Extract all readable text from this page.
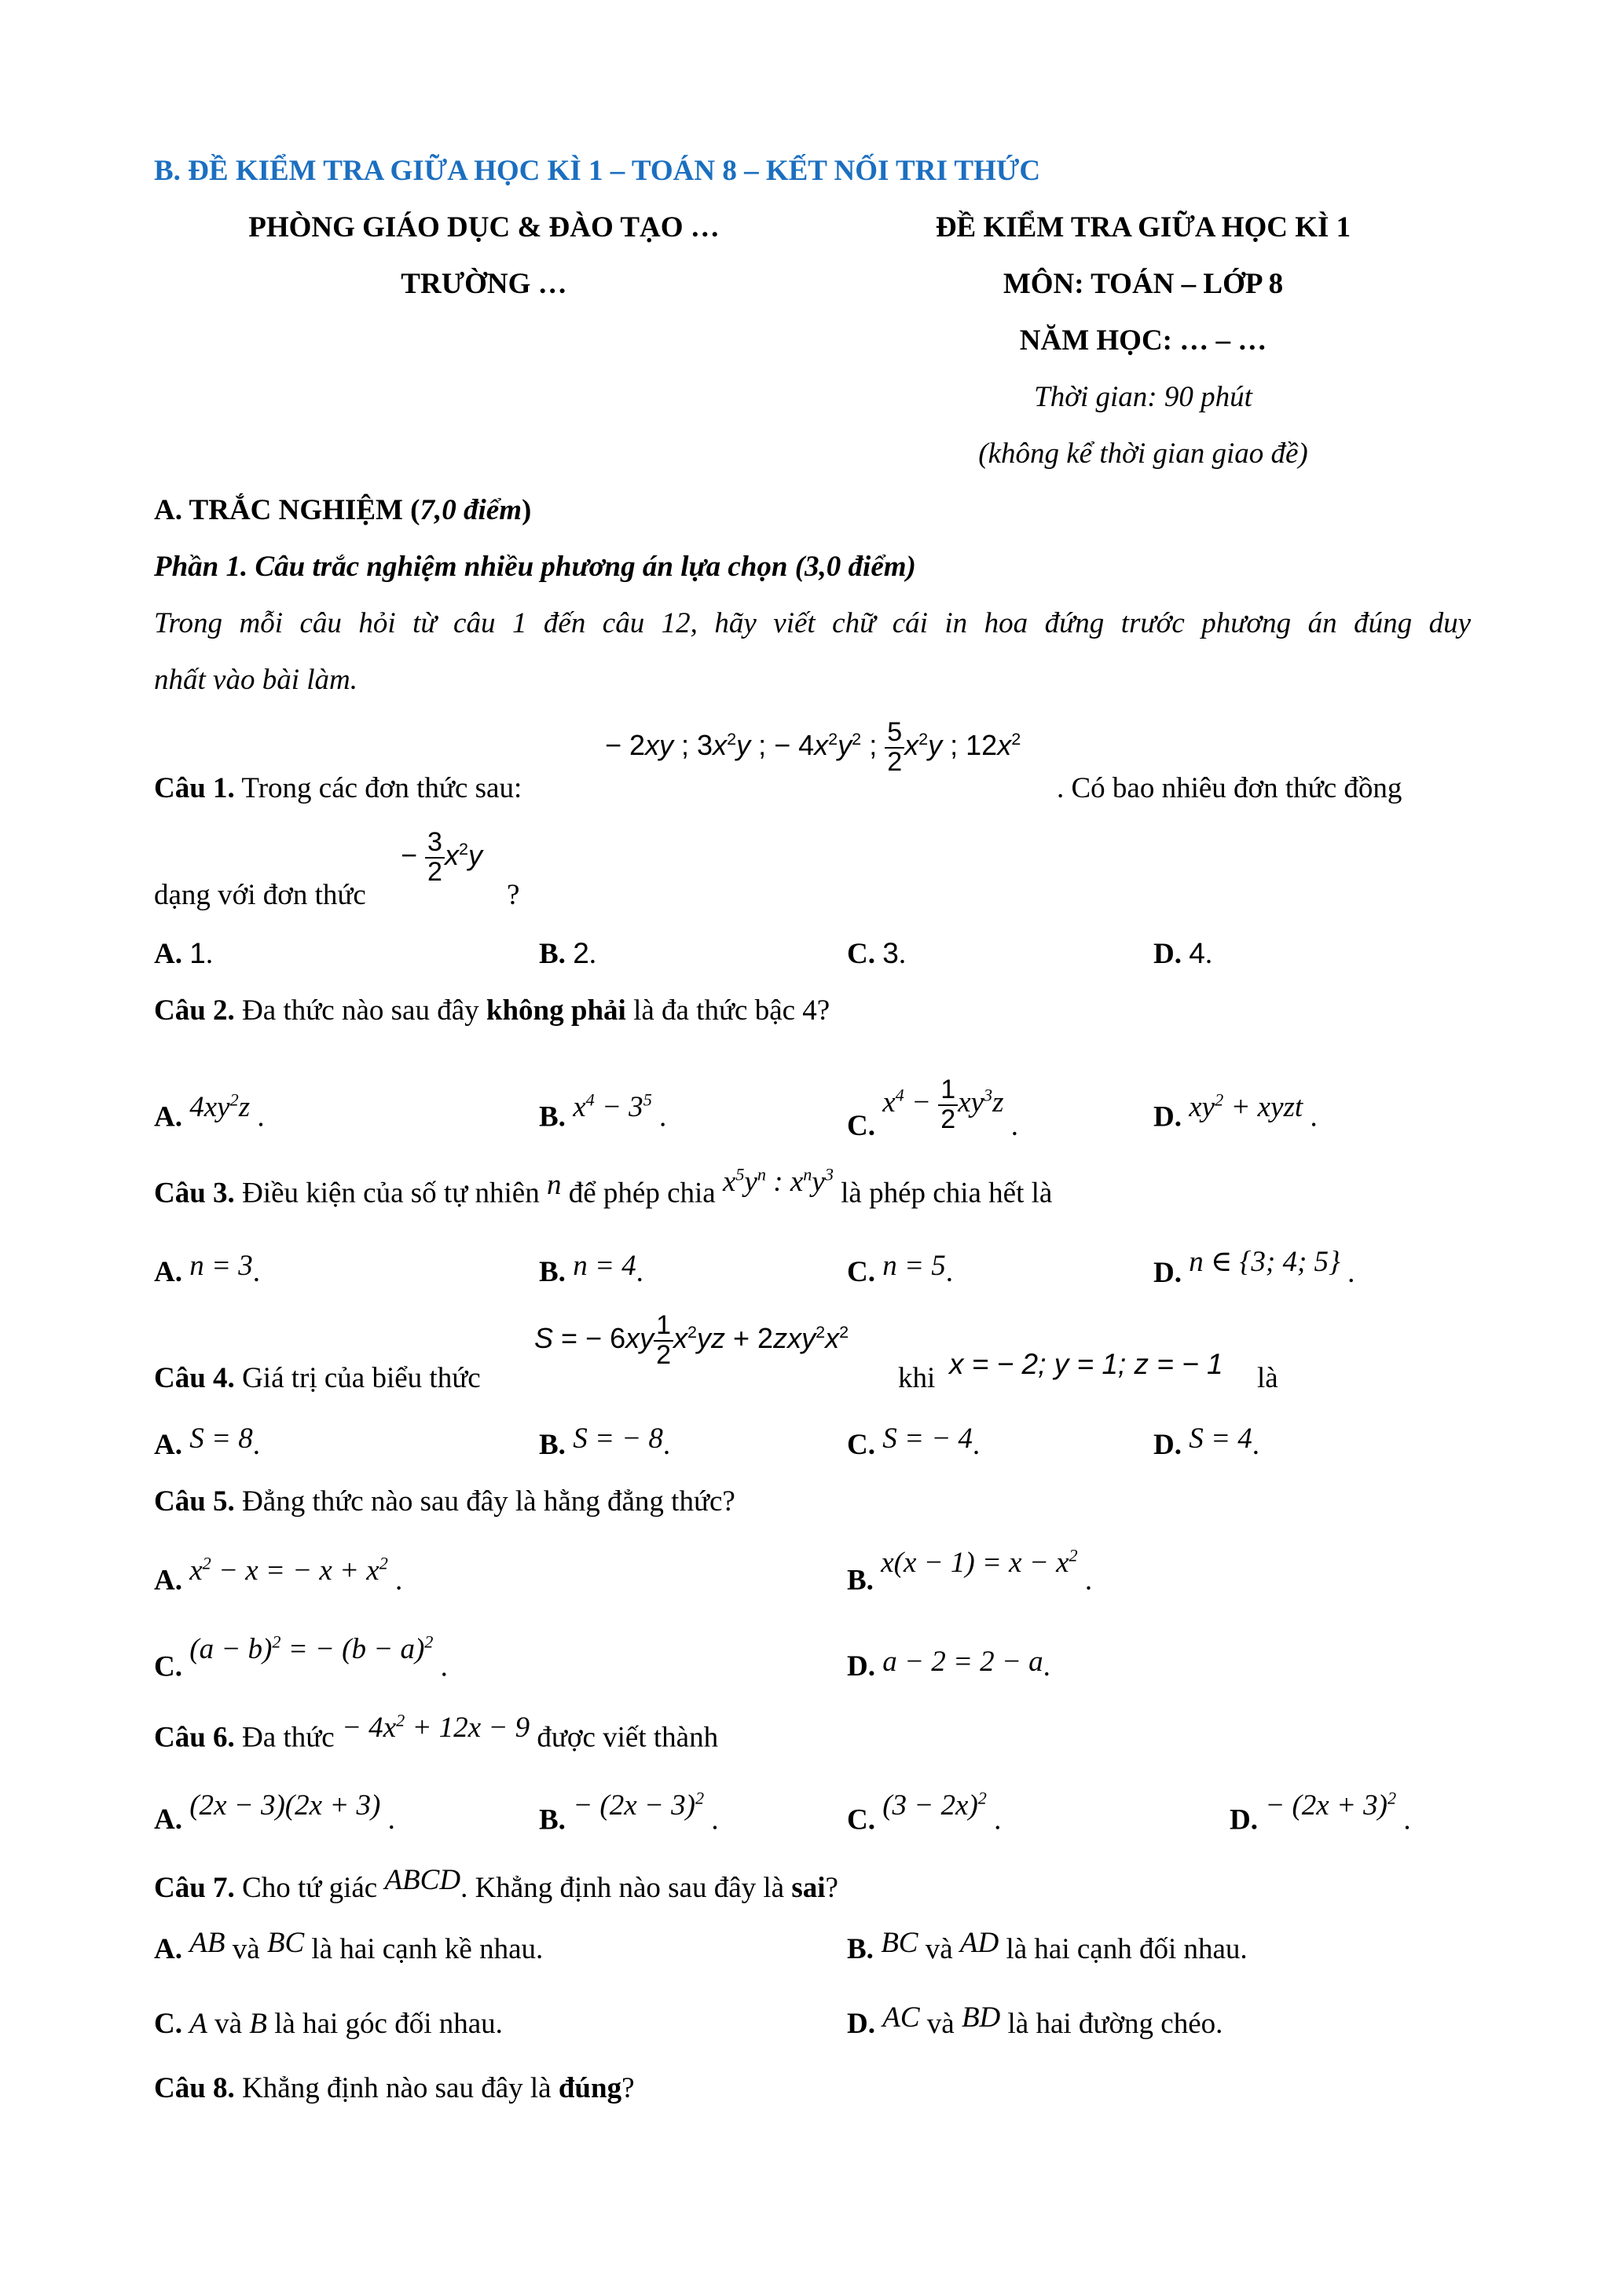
B. ĐỀ KIỂM TRA GIỮA HỌC KÌ 1 – TOÁN 8 – KẾT NỐI TRI THỨC
PHÒNG GIÁO DỤC & ĐÀO TẠO …
TRƯỜNG …
ĐỀ KIỂM TRA GIỮA HỌC KÌ 1
MÔN: TOÁN – LỚP 8
NĂM HỌC: … – …
Thời gian: 90 phút
(không kể thời gian giao đề)
A. TRẮC NGHIỆM (7,0 điểm)
Phần 1. Câu trắc nghiệm nhiều phương án lựa chọn (3,0 điểm)
Trong mỗi câu hỏi từ câu 1 đến câu 12, hãy viết chữ cái in hoa đứng trước phương án đúng duy
nhất vào bài làm.
Câu 1. Trong các đơn thức sau:
− 2xy ; $3x^2y$ ; − $4x^2y^2$ ; $\frac{5}{2} x^2y$ ; $12x^2$
. Có bao nhiêu đơn thức đồng
dạng với đơn thức
− $\frac{3}{2} x^2y$
?
A. 1.	B. 2.	C. 3.	D. 4.
Câu 2. Đa thức nào sau đây không phải là đa thức bậc 4?
A. $4xy^2z$ .	B. $x^4 - 3^5$ .	C. $x^4 - \frac{1}{2} xy^3z$ .	D. $xy^2$ + xyzt .
Câu 3. Điều kiện của số tự nhiên n để phép chia $x^5y^n$ : $x^ny^3$ là phép chia hết là
A. n = 3.	B. n = 4.	C. n = 5.	D. n ∈ {3; 4; 5} .
Câu 4. Giá trị của biểu thức
S = − $6xy \frac{1}{2} x^2yz + 2zxy^2x^2$
khi x = − 2; y = 1; z = − 1 là
A. S = 8.	B. S = − 8.	C. S = − 4.	D. S = 4.
Câu 5. Đẳng thức nào sau đây là hằng đẳng thức?
A. $x^2 - x$ = − $x + x^2$ .	B. $x(x - 1) = x - x^2$ .
C. $(a - b)^2$ = − $(b - a)^2$ .	D. a − 2 = 2 − a.
Câu 6. Đa thức − $4x^2 + 12x - 9$ được viết thành
A. (2x − 3)(2x + 3) .	B. − $(2x - 3)^2$ .	C. $(3 - 2x)^2$ .	D. − $(2x + 3)^2$ .
Câu 7. Cho tứ giác ABCD. Khẳng định nào sau đây là sai?
A. AB và BC là hai cạnh kề nhau.	B. BC và AD là hai cạnh đối nhau.
C. A và B là hai góc đối nhau.	D. AC và BD là hai đường chéo.
Câu 8. Khẳng định nào sau đây là đúng?
